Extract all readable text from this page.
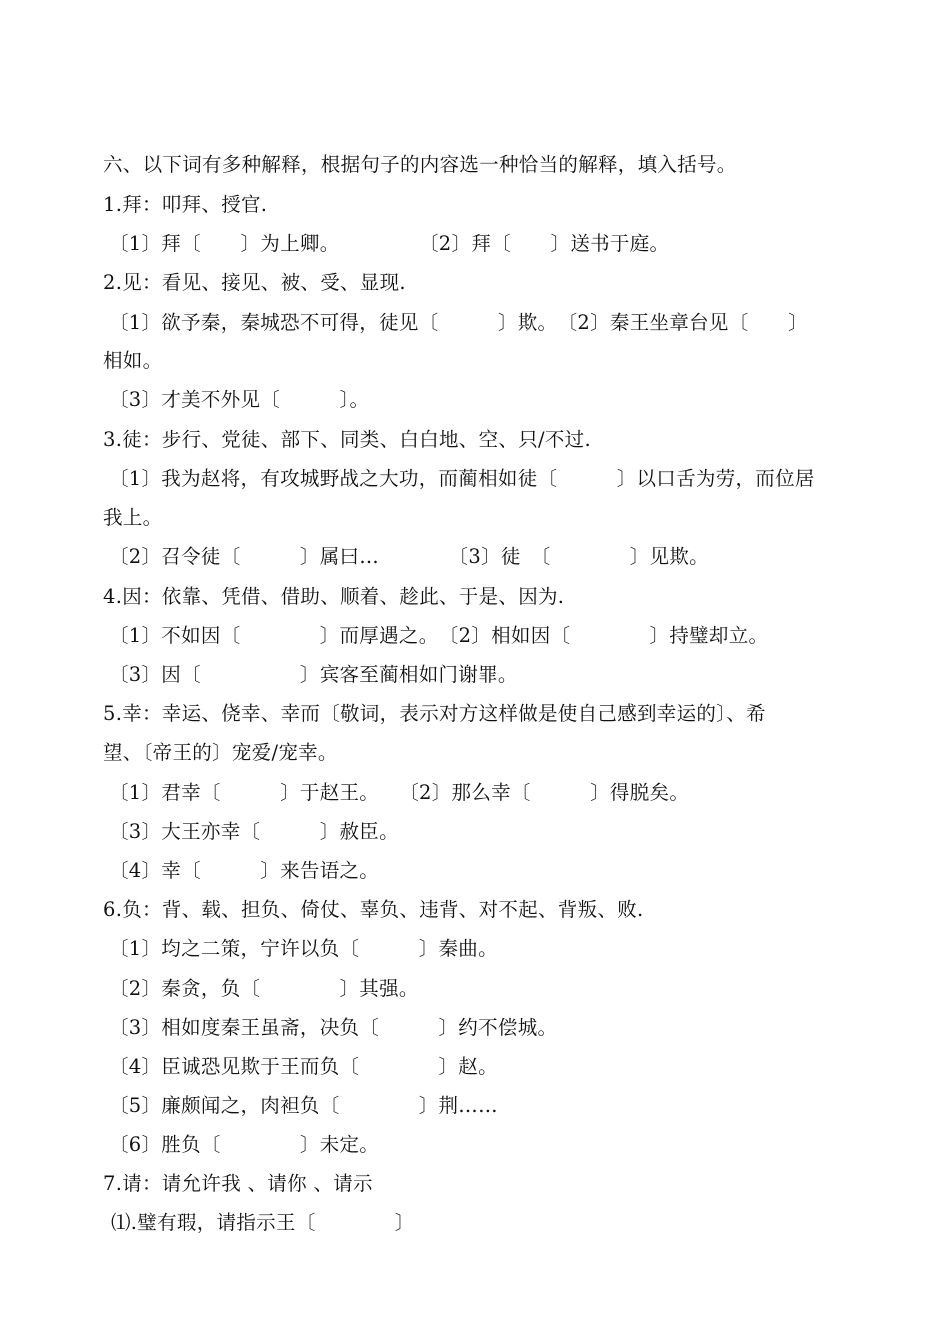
六、以下词有多种解释，根据句子的内容选一种恰当的解释，填入括号。
1.拜：叩拜、授官.
〔1〕拜〔　　〕为上卿。　　　　　〔2〕拜〔　　〕送书于庭。
2.见：看见、接见、被、受、显现.
〔1〕欲予秦，秦城恐不可得，徒见〔　　　〕欺。　〔2〕秦王坐章台见〔　　〕
相如。
〔3〕才美不外见〔　　　〕。
3.徒：步行、党徒、部下、同类、白白地、空、只/不过.
〔1〕我为赵将，有攻城野战之大功，而蔺相如徒〔　　　〕以口舌为劳，而位居
我上。
〔2〕召令徒〔　　　〕属曰…　　　　〔3〕徒　〔　　　　〕见欺。
4.因：依靠、凭借、借助、顺着、趁此、于是、因为.
〔1〕不如因〔　　　　〕而厚遇之。　〔2〕相如因〔　　　　〕持璧却立。
〔3〕因〔　　　　　〕宾客至蔺相如门谢罪。
5.幸：幸运、侥幸、幸而〔敬词，表示对方这样做是使自己感到幸运的〕、希
望、〔帝王的〕宠爱/宠幸。
〔1〕君幸〔　　　〕于赵王。　　〔2〕那么幸〔　　　〕得脱矣。
〔3〕大王亦幸〔　　　〕赦臣。
〔4〕幸〔　　　〕来告语之。
6.负：背、载、担负、倚仗、辜负、违背、对不起、背叛、败.
〔1〕均之二策，宁许以负〔　　　〕秦曲。
〔2〕秦贪，负〔　　　　〕其强。
〔3〕相如度秦王虽斋，决负〔　　　〕约不偿城。
〔4〕臣诚恐见欺于王而负〔　　　　〕赵。
〔5〕廉颇闻之，肉袒负〔　　　　〕荆……
〔6〕胜负〔　　　　〕未定。
7.请：请允许我 、请你 、请示
⑴.璧有瑕，请指示王〔　　　　〕
